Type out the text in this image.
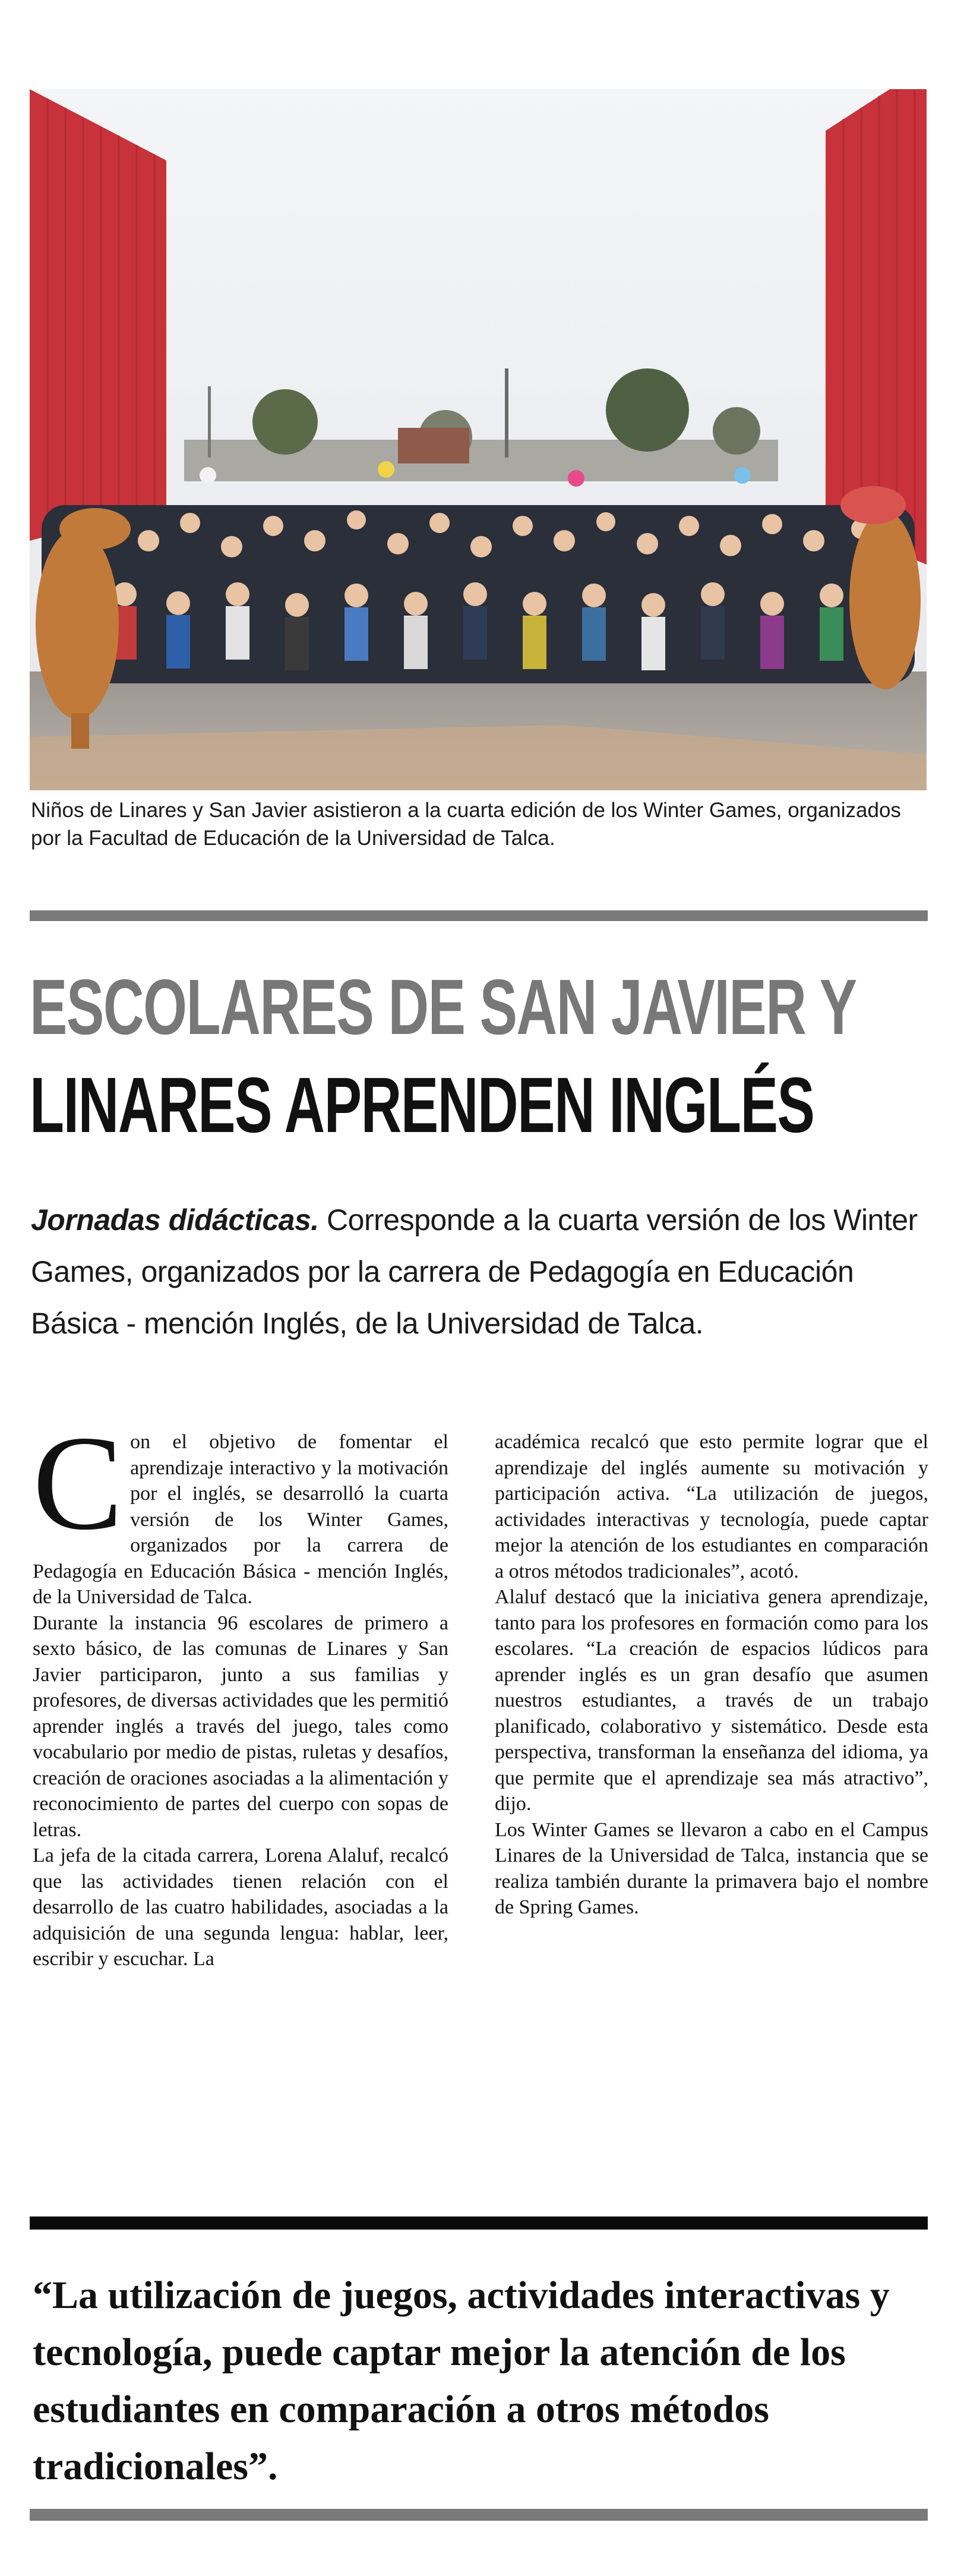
Niños de Linares y San Javier asistieron a la cuarta edición de los Winter Games, organizados por la Facultad de Educación de la Universidad de Talca.
ESCOLARES DE SAN JAVIER Y
LINARES APRENDEN INGLÉS
Jornadas didácticas. Corresponde a la cuarta versión de los Winter Games, organizados por la carrera de Pedagogía en Educación Básica - mención Inglés, de la Universidad de Talca.

Con el objetivo de fomentar el aprendizaje interactivo y la motivación por el inglés, se desarrolló la cuarta versión de los Winter Games, organizados por la carrera de Pedagogía en Educación Básica - mención Inglés, de la Universidad de Talca.

Durante la instancia 96 escolares de primero a sexto básico, de las comunas de Linares y San Javier participaron, junto a sus familias y profesores, de diversas actividades que les permitió aprender inglés a través del juego, tales como vocabulario por medio de pistas, ruletas y desafíos, creación de oraciones asociadas a la alimentación y reconocimiento de partes del cuerpo con sopas de letras.

La jefa de la citada carrera, Lorena Alaluf, recalcó que las actividades tienen relación con el desarrollo de las cuatro habilidades, asociadas a la adquisición de una segunda lengua: hablar, leer, escribir y escuchar. La

académica recalcó que esto permite lograr que el aprendizaje del inglés aumente su motivación y participación activa. “La utilización de juegos, actividades interactivas y tecnología, puede captar mejor la atención de los estudiantes en comparación a otros métodos tradicionales”, acotó.

Alaluf destacó que la iniciativa genera aprendizaje, tanto para los profesores en formación como para los escolares. “La creación de espacios lúdicos para aprender inglés es un gran desafío que asumen nuestros estudiantes, a través de un trabajo planificado, colaborativo y sistemático. Desde esta perspectiva, transforman la enseñanza del idioma, ya que permite que el aprendizaje sea más atractivo”, dijo.

Los Winter Games se llevaron a cabo en el Campus Linares de la Universidad de Talca, instancia que se realiza también durante la primavera bajo el nombre de Spring Games.

“La utilización de juegos, actividades interactivas y tecnología, puede captar mejor la atención de los estudiantes en comparación a otros métodos tradicionales”.
